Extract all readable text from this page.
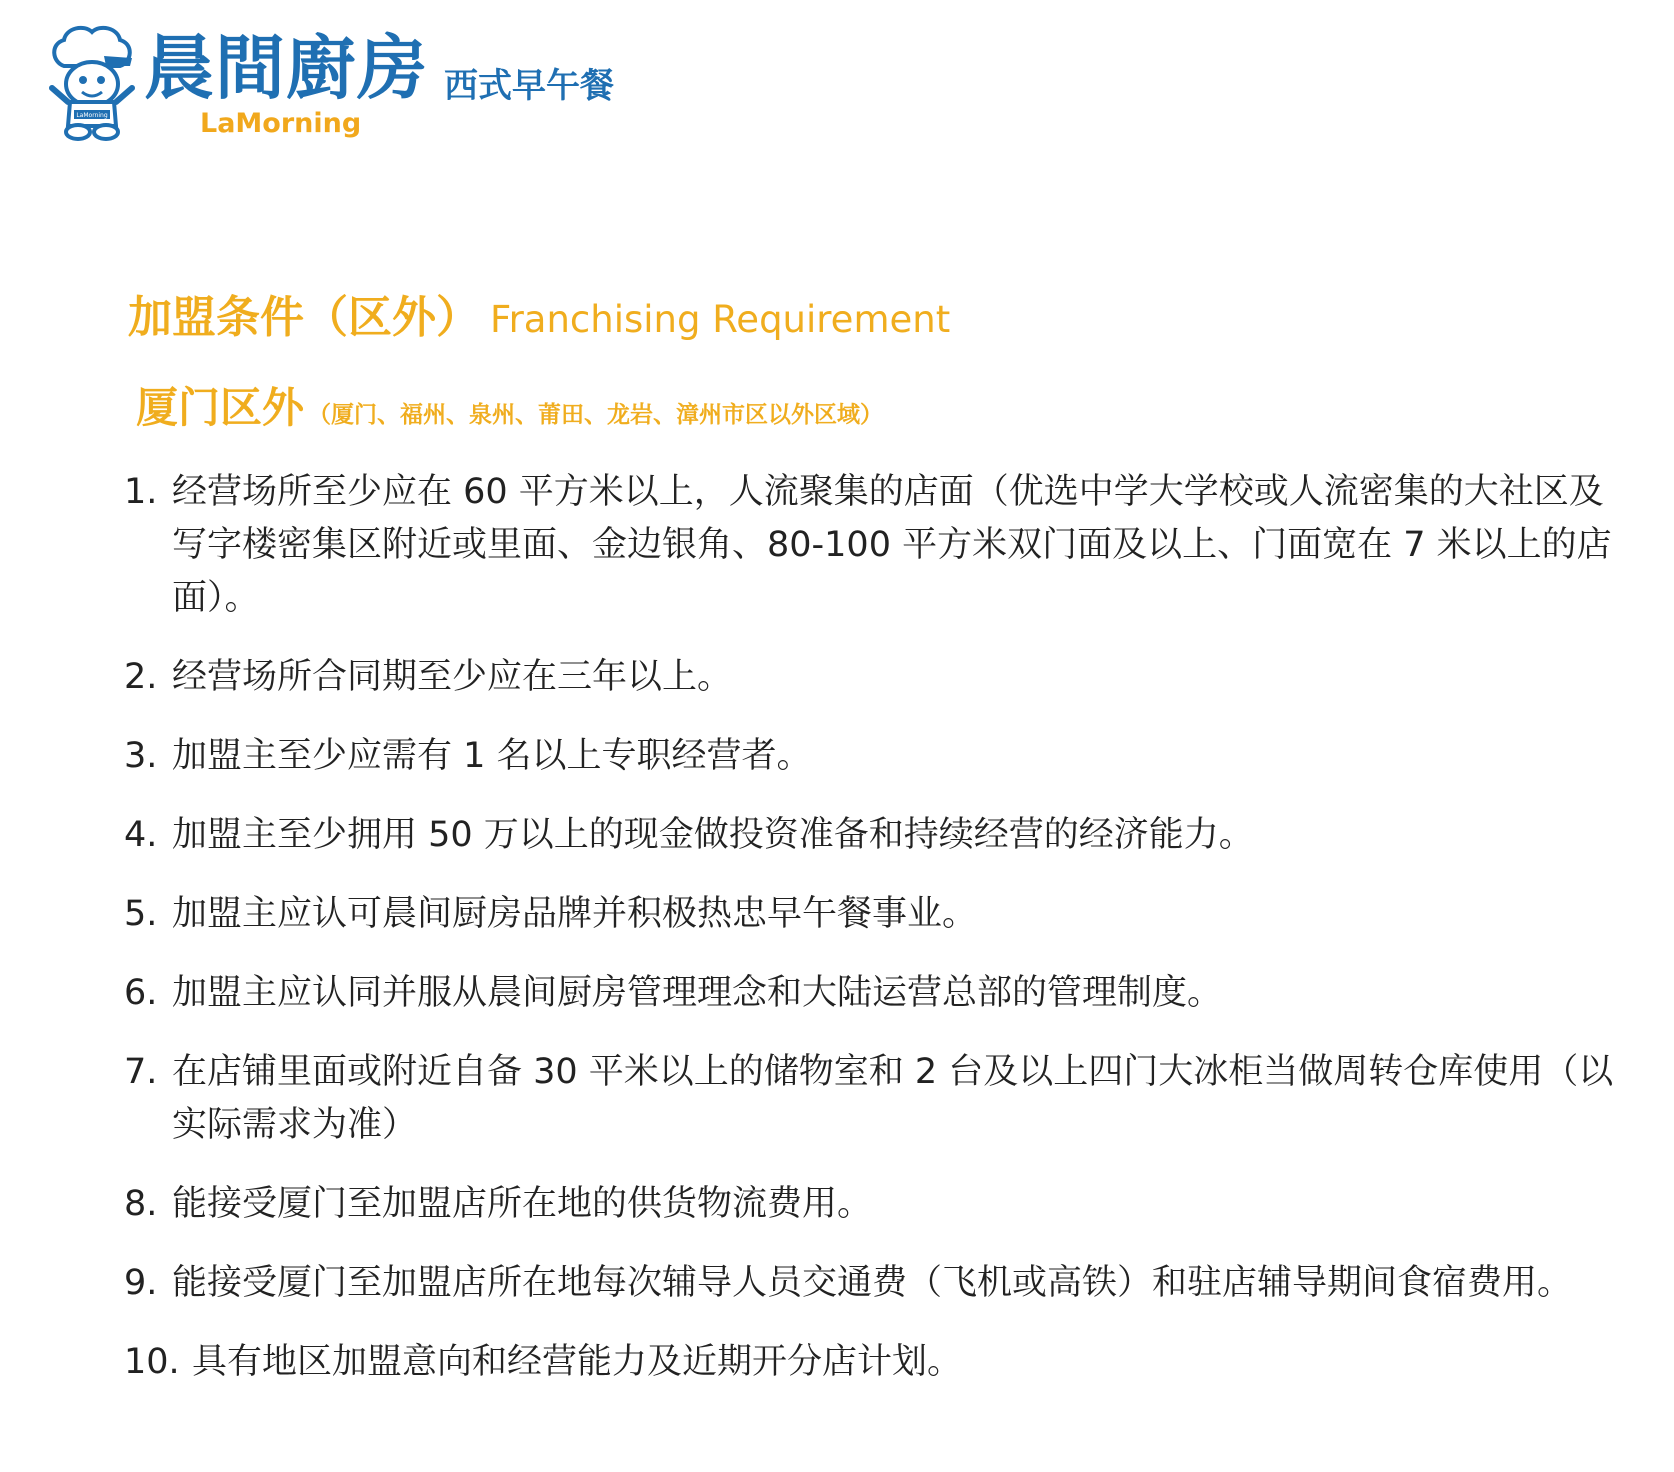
LaMorning
晨間廚房 西式早午餐
LaMorning
加盟条件（区外） Franchising Requirement
厦门区外 （厦门、福州、泉州、莆田、龙岩、漳州市区以外区域）
1. 经营场所至少应在 60 平方米以上，人流聚集的店面（优选中学大学校或人流密集的大社区及写字楼密集区附近或里面、金边银角、80-100 平方米双门面及以上、门面宽在 7 米以上的店面）。
2. 经营场所合同期至少应在三年以上。
3. 加盟主至少应需有 1 名以上专职经营者。
4. 加盟主至少拥用 50 万以上的现金做投资准备和持续经营的经济能力。
5. 加盟主应认可晨间厨房品牌并积极热忠早午餐事业。
6. 加盟主应认同并服从晨间厨房管理理念和大陆运营总部的管理制度。
7. 在店铺里面或附近自备 30 平米以上的储物室和 2 台及以上四门大冰柜当做周转仓库使用（以实际需求为准）
8. 能接受厦门至加盟店所在地的供货物流费用。
9. 能接受厦门至加盟店所在地每次辅导人员交通费（飞机或高铁）和驻店辅导期间食宿费用。
10. 具有地区加盟意向和经营能力及近期开分店计划。
